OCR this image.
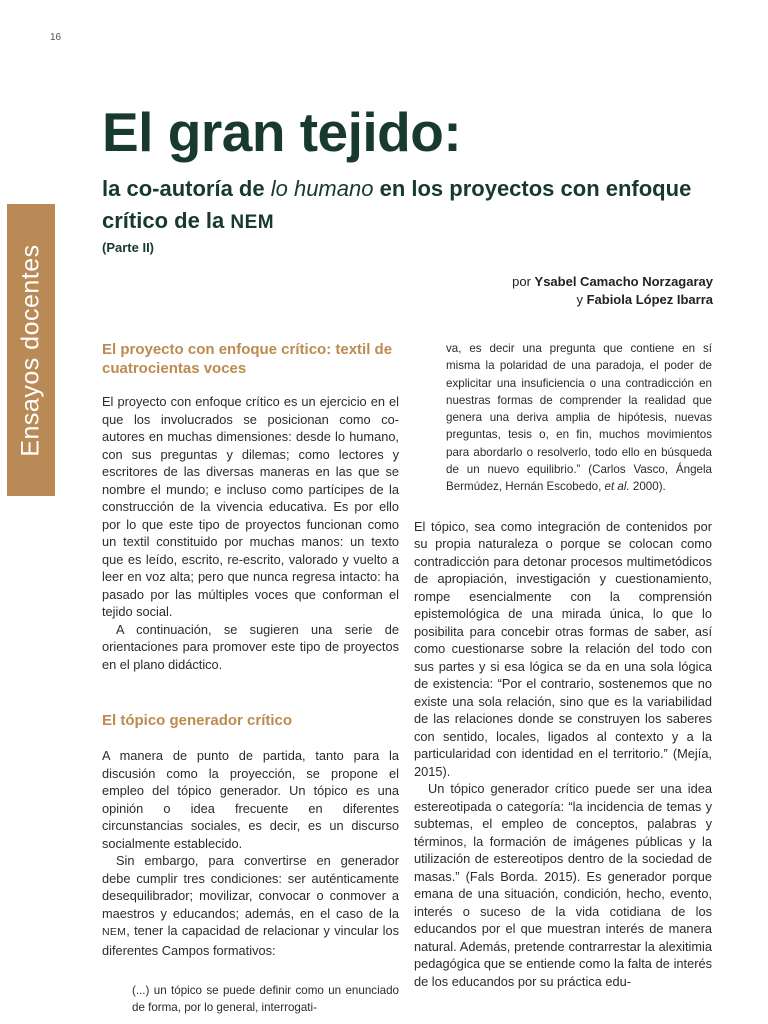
16
Ensayos docentes
El gran tejido:
la co-autoría de lo humano en los proyectos con enfoque crítico de la NEM
(Parte II)
por Ysabel Camacho Norzagaray
y Fabiola López Ibarra
El proyecto con enfoque crítico: textil de cuatrocientas voces

El proyecto con enfoque crítico es un ejercicio en el que los involucrados se posicionan como co-autores en muchas dimensiones: desde lo humano, con sus preguntas y dilemas; como lectores y escritores de las diversas maneras en las que se nombre el mundo; e incluso como partícipes de la construcción de la vivencia educativa. Es por ello por lo que este tipo de proyectos funcionan como un textil constituido por muchas manos: un texto que es leído, escrito, re-escrito, valorado y vuelto a leer en voz alta; pero que nunca regresa intacto: ha pasado por las múltiples voces que conforman el tejido social.

A continuación, se sugieren una serie de orientaciones para promover este tipo de proyectos en el plano didáctico.

El tópico generador crítico

A manera de punto de partida, tanto para la discusión como la proyección, se propone el empleo del tópico generador. Un tópico es una opinión o idea frecuente en diferentes circunstancias sociales, es decir, es un discurso socialmente establecido.

Sin embargo, para convertirse en generador debe cumplir tres condiciones: ser auténticamente desequilibrador; movilizar, convocar o conmover a maestros y educandos; además, en el caso de la NEM, tener la capacidad de relacionar y vincular los diferentes Campos formativos:

(...) un tópico se puede definir como un enunciado de forma, por lo general, interrogati-

va, es decir una pregunta que contiene en sí misma la polaridad de una paradoja, el poder de explicitar una insuficiencia o una contradicción en nuestras formas de comprender la realidad que genera una deriva amplia de hipótesis, nuevas preguntas, tesis o, en fin, muchos movimientos para abordarlo o resolverlo, todo ello en búsqueda de un nuevo equilibrio.” (Carlos Vasco, Ángela Bermúdez, Hernán Escobedo, et al. 2000).

El tópico, sea como integración de contenidos por su propia naturaleza o porque se colocan como contradicción para detonar procesos multimetódicos de apropiación, investigación y cuestionamiento, rompe esencialmente con la comprensión epistemológica de una mirada única, lo que lo posibilita para concebir otras formas de saber, así como cuestionarse sobre la relación del todo con sus partes y si esa lógica se da en una sola lógica de existencia: “Por el contrario, sostenemos que no existe una sola relación, sino que es la variabilidad de las relaciones donde se construyen los saberes con sentido, locales, ligados al contexto y a la particularidad con identidad en el territorio.” (Mejía, 2015).

Un tópico generador crítico puede ser una idea estereotipada o categoría: “la incidencia de temas y subtemas, el empleo de conceptos, palabras y términos, la formación de imágenes públicas y la utilización de estereotipos dentro de la sociedad de masas.” (Fals Borda. 2015). Es generador porque emana de una situación, condición, hecho, evento, interés o suceso de la vida cotidiana de los educandos por el que muestran interés de manera natural. Además, pretende contrarrestar la alexitimia pedagógica que se entiende como la falta de interés de los educandos por su práctica edu-
